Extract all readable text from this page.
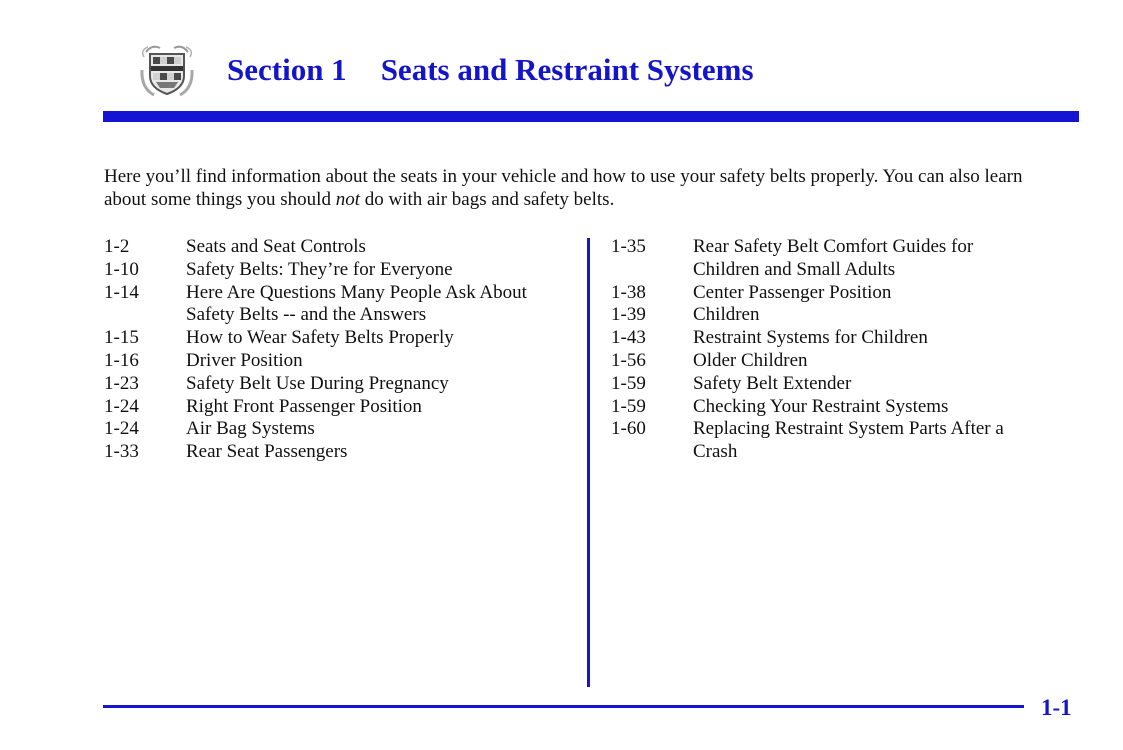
Section 1 Seats and Restraint Systems

Here you’ll find information about the seats in your vehicle and how to use your safety belts properly. You can also learn about some things you should not do with air bags and safety belts.

1-2	Seats and Seat Controls
1-10	Safety Belts: They’re for Everyone
1-14	Here Are Questions Many People Ask About Safety Belts -- and the Answers
1-15	How to Wear Safety Belts Properly
1-16	Driver Position
1-23	Safety Belt Use During Pregnancy
1-24	Right Front Passenger Position
1-24	Air Bag Systems
1-33	Rear Seat Passengers
1-35	Rear Safety Belt Comfort Guides for Children and Small Adults
1-38	Center Passenger Position
1-39	Children
1-43	Restraint Systems for Children
1-56	Older Children
1-59	Safety Belt Extender
1-59	Checking Your Restraint Systems
1-60	Replacing Restraint System Parts After a Crash
1-1
